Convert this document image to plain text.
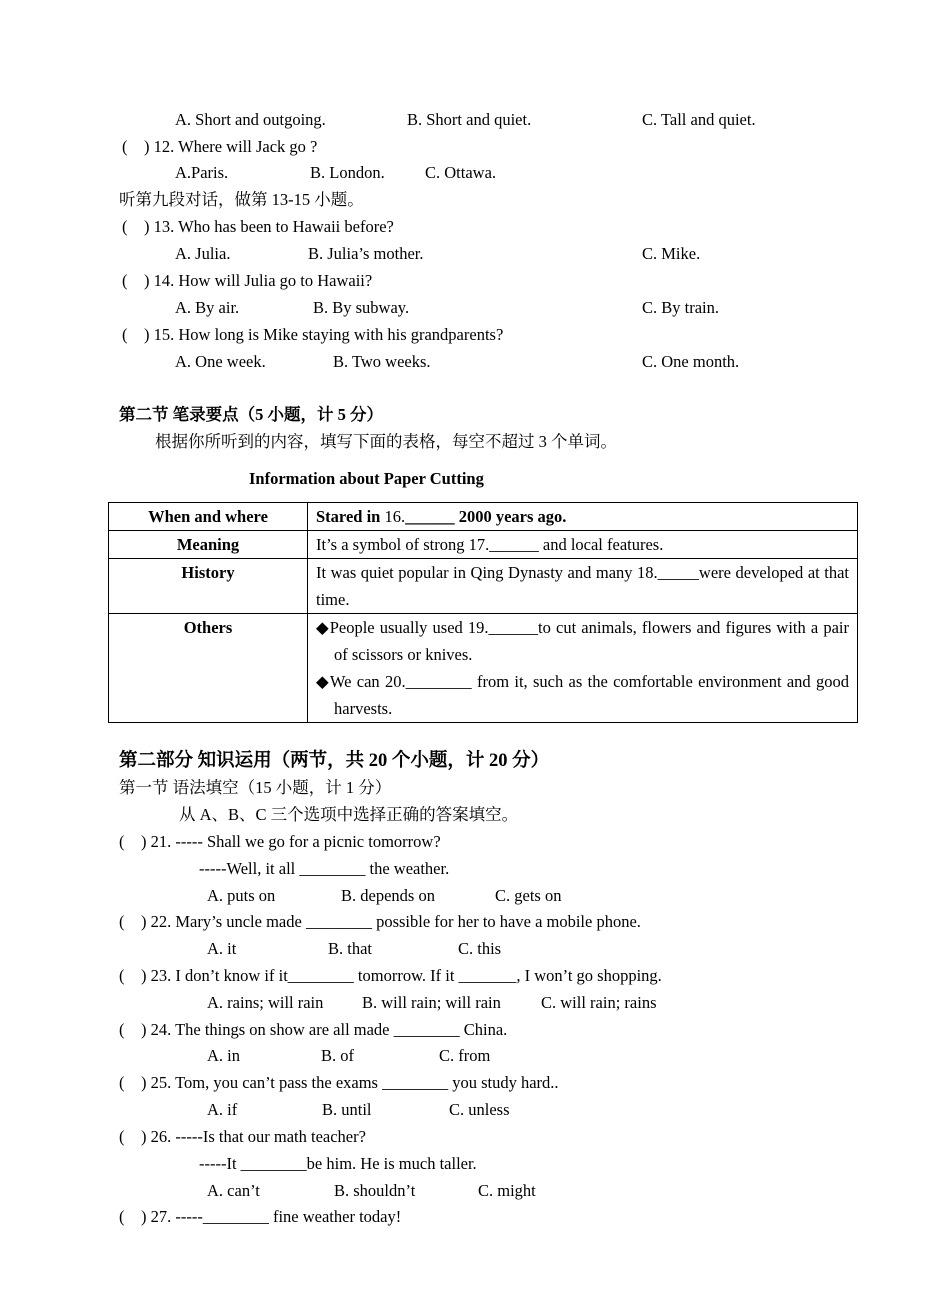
A. Short and outgoing.	B. Short and quiet.	C. Tall and quiet.
(　) 12. Where will Jack go ?
A.Paris.	B. London. C. Ottawa.
听第九段对话，做第 13-15 小题。
(　) 13. Who has been to Hawaii before?
A. Julia.	B. Julia’s mother.	C. Mike.
(　) 14. How will Julia go to Hawaii?
A. By air.	B. By subway.	C. By train.
(　) 15. How long is Mike staying with his grandparents?
A. One week.	B. Two weeks.	C. One month.
第二节 笔录要点（5 小题，计 5 分）
根据你所听到的内容，填写下面的表格，每空不超过 3 个单词。
Information about Paper Cutting
When and where	Stared in 16.______ 2000 years ago.
Meaning	It’s a symbol of strong 17.______ and local features.
History	It was quiet popular in Qing Dynasty and many 18._____were developed at that time.
Others	◆People usually used 19.______to cut animals, flowers and figures with a pair of scissors or knives.
◆We can 20.________ from it, such as the comfortable environment and good harvests.
第二部分 知识运用（两节，共 20 个小题，计 20 分）
第一节 语法填空（15 小题，计 1 分）
从 A、B、C 三个选项中选择正确的答案填空。
(　) 21. ----- Shall we go for a picnic tomorrow?
-----Well, it all ________ the weather.
A. puts on	B. depends on	C. gets on
(　) 22. Mary’s uncle made ________ possible for her to have a mobile phone.
A. it	B. that	C. this
(　) 23. I don’t know if it________ tomorrow. If it _______, I won’t go shopping.
A. rains; will rain B. will rain; will rain C. will rain; rains
(　) 24. The things on show are all made ________ China.
A. in	B. of	C. from
(　) 25. Tom, you can’t pass the exams ________ you study hard..
A. if	B. until	C. unless
(　) 26. -----Is that our math teacher?
-----It ________be him. He is much taller.
A. can’t	B. shouldn’t	C. might
(　) 27. -----________ fine weather today!
